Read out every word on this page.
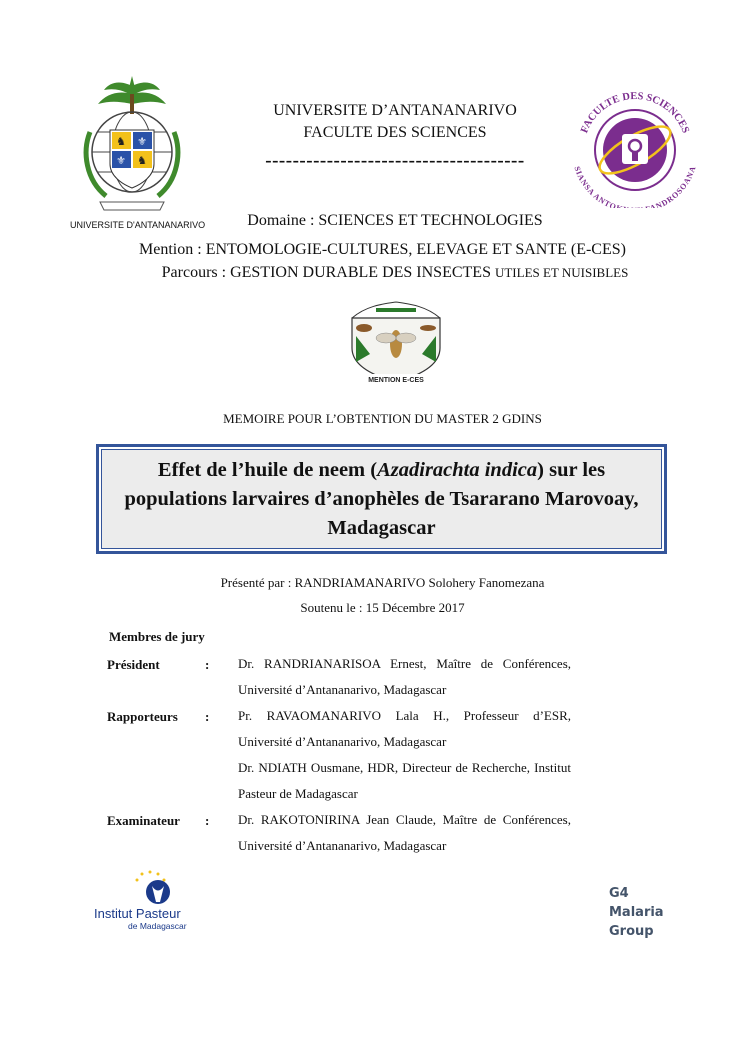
♞ ⚜
⚜ ♞
UNIVERSITE D'ANTANANARIVO
FACULTE DES SCIENCES
SIANSA ANTO ANDROSOANA
UNIVERSITE D’ANTANANARIVO
FACULTE DES SCIENCES
--------------------------------------
Domaine : SCIENCES ET TECHNOLOGIES
Mention : ENTOMOLOGIE-CULTURES, ELEVAGE ET SANTE (E-CES)
Parcours : GESTION DURABLE DES INSECTES UTILES ET NUISIBLES
MENTION E-CES
MEMOIRE POUR L’OBTENTION DU MASTER 2 GDINS
Effet de l’huile de neem (Azadirachta indica) sur les populations larvaires d’anophèles de Tsararano Marovoay, Madagascar
Présenté par : RANDRIAMANARIVO Solohery Fanomezana
Soutenu le : 15 Décembre 2017
Membres de jury
Président	: Dr. RANDRIANARISOA Ernest, Maître de Conférences, Université d’Antananarivo, Madagascar
Rapporteurs : Pr. RAVAOMANARIVO Lala H., Professeur d’ESR, Université d’Antananarivo, Madagascar
Dr. NDIATH Ousmane, HDR, Directeur de Recherche, Institut Pasteur de Madagascar
Examinateur : Dr. RAKOTONIRINA Jean Claude, Maître de Conférences, Université d’Antananarivo, Madagascar
Institut Pasteur
de Madagascar
G4
Malaria
Group
